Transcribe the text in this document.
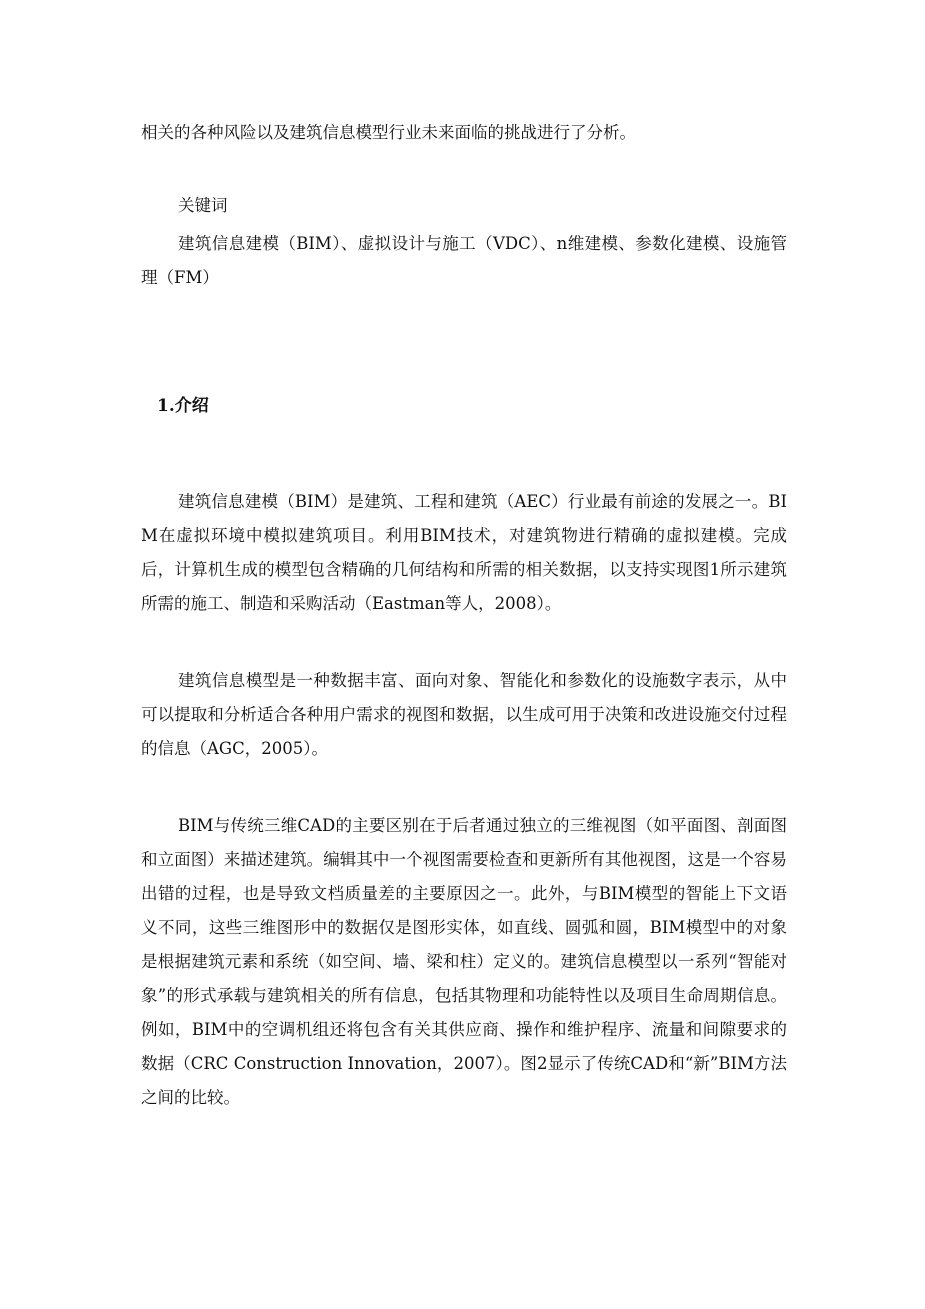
相关的各种风险以及建筑信息模型行业未来面临的挑战进行了分析。

关键词

建筑信息建模（BIM）、虚拟设计与施工（VDC）、n维建模、参数化建模、设施管理（FM）

1.介绍

建筑信息建模（BIM）是建筑、工程和建筑（AEC）行业最有前途的发展之一。BIM在虚拟环境中模拟建筑项目。利用BIM技术，对建筑物进行精确的虚拟建模。完成后，计算机生成的模型包含精确的几何结构和所需的相关数据，以支持实现图1所示建筑所需的施工、制造和采购活动（Eastman等人，2008）。

建筑信息模型是一种数据丰富、面向对象、智能化和参数化的设施数字表示，从中可以提取和分析适合各种用户需求的视图和数据，以生成可用于决策和改进设施交付过程的信息（AGC，2005）。

BIM与传统三维CAD的主要区别在于后者通过独立的三维视图（如平面图、剖面图和立面图）来描述建筑。编辑其中一个视图需要检查和更新所有其他视图，这是一个容易出错的过程，也是导致文档质量差的主要原因之一。此外，与BIM模型的智能上下文语义不同，这些三维图形中的数据仅是图形实体，如直线、圆弧和圆，BIM模型中的对象是根据建筑元素和系统（如空间、墙、梁和柱）定义的。建筑信息模型以一系列“智能对象”的形式承载与建筑相关的所有信息，包括其物理和功能特性以及项目生命周期信息。例如，BIM中的空调机组还将包含有关其供应商、操作和维护程序、流量和间隙要求的数据（CRC Construction Innovation，2007）。图2显示了传统CAD和“新”BIM方法之间的比较。
